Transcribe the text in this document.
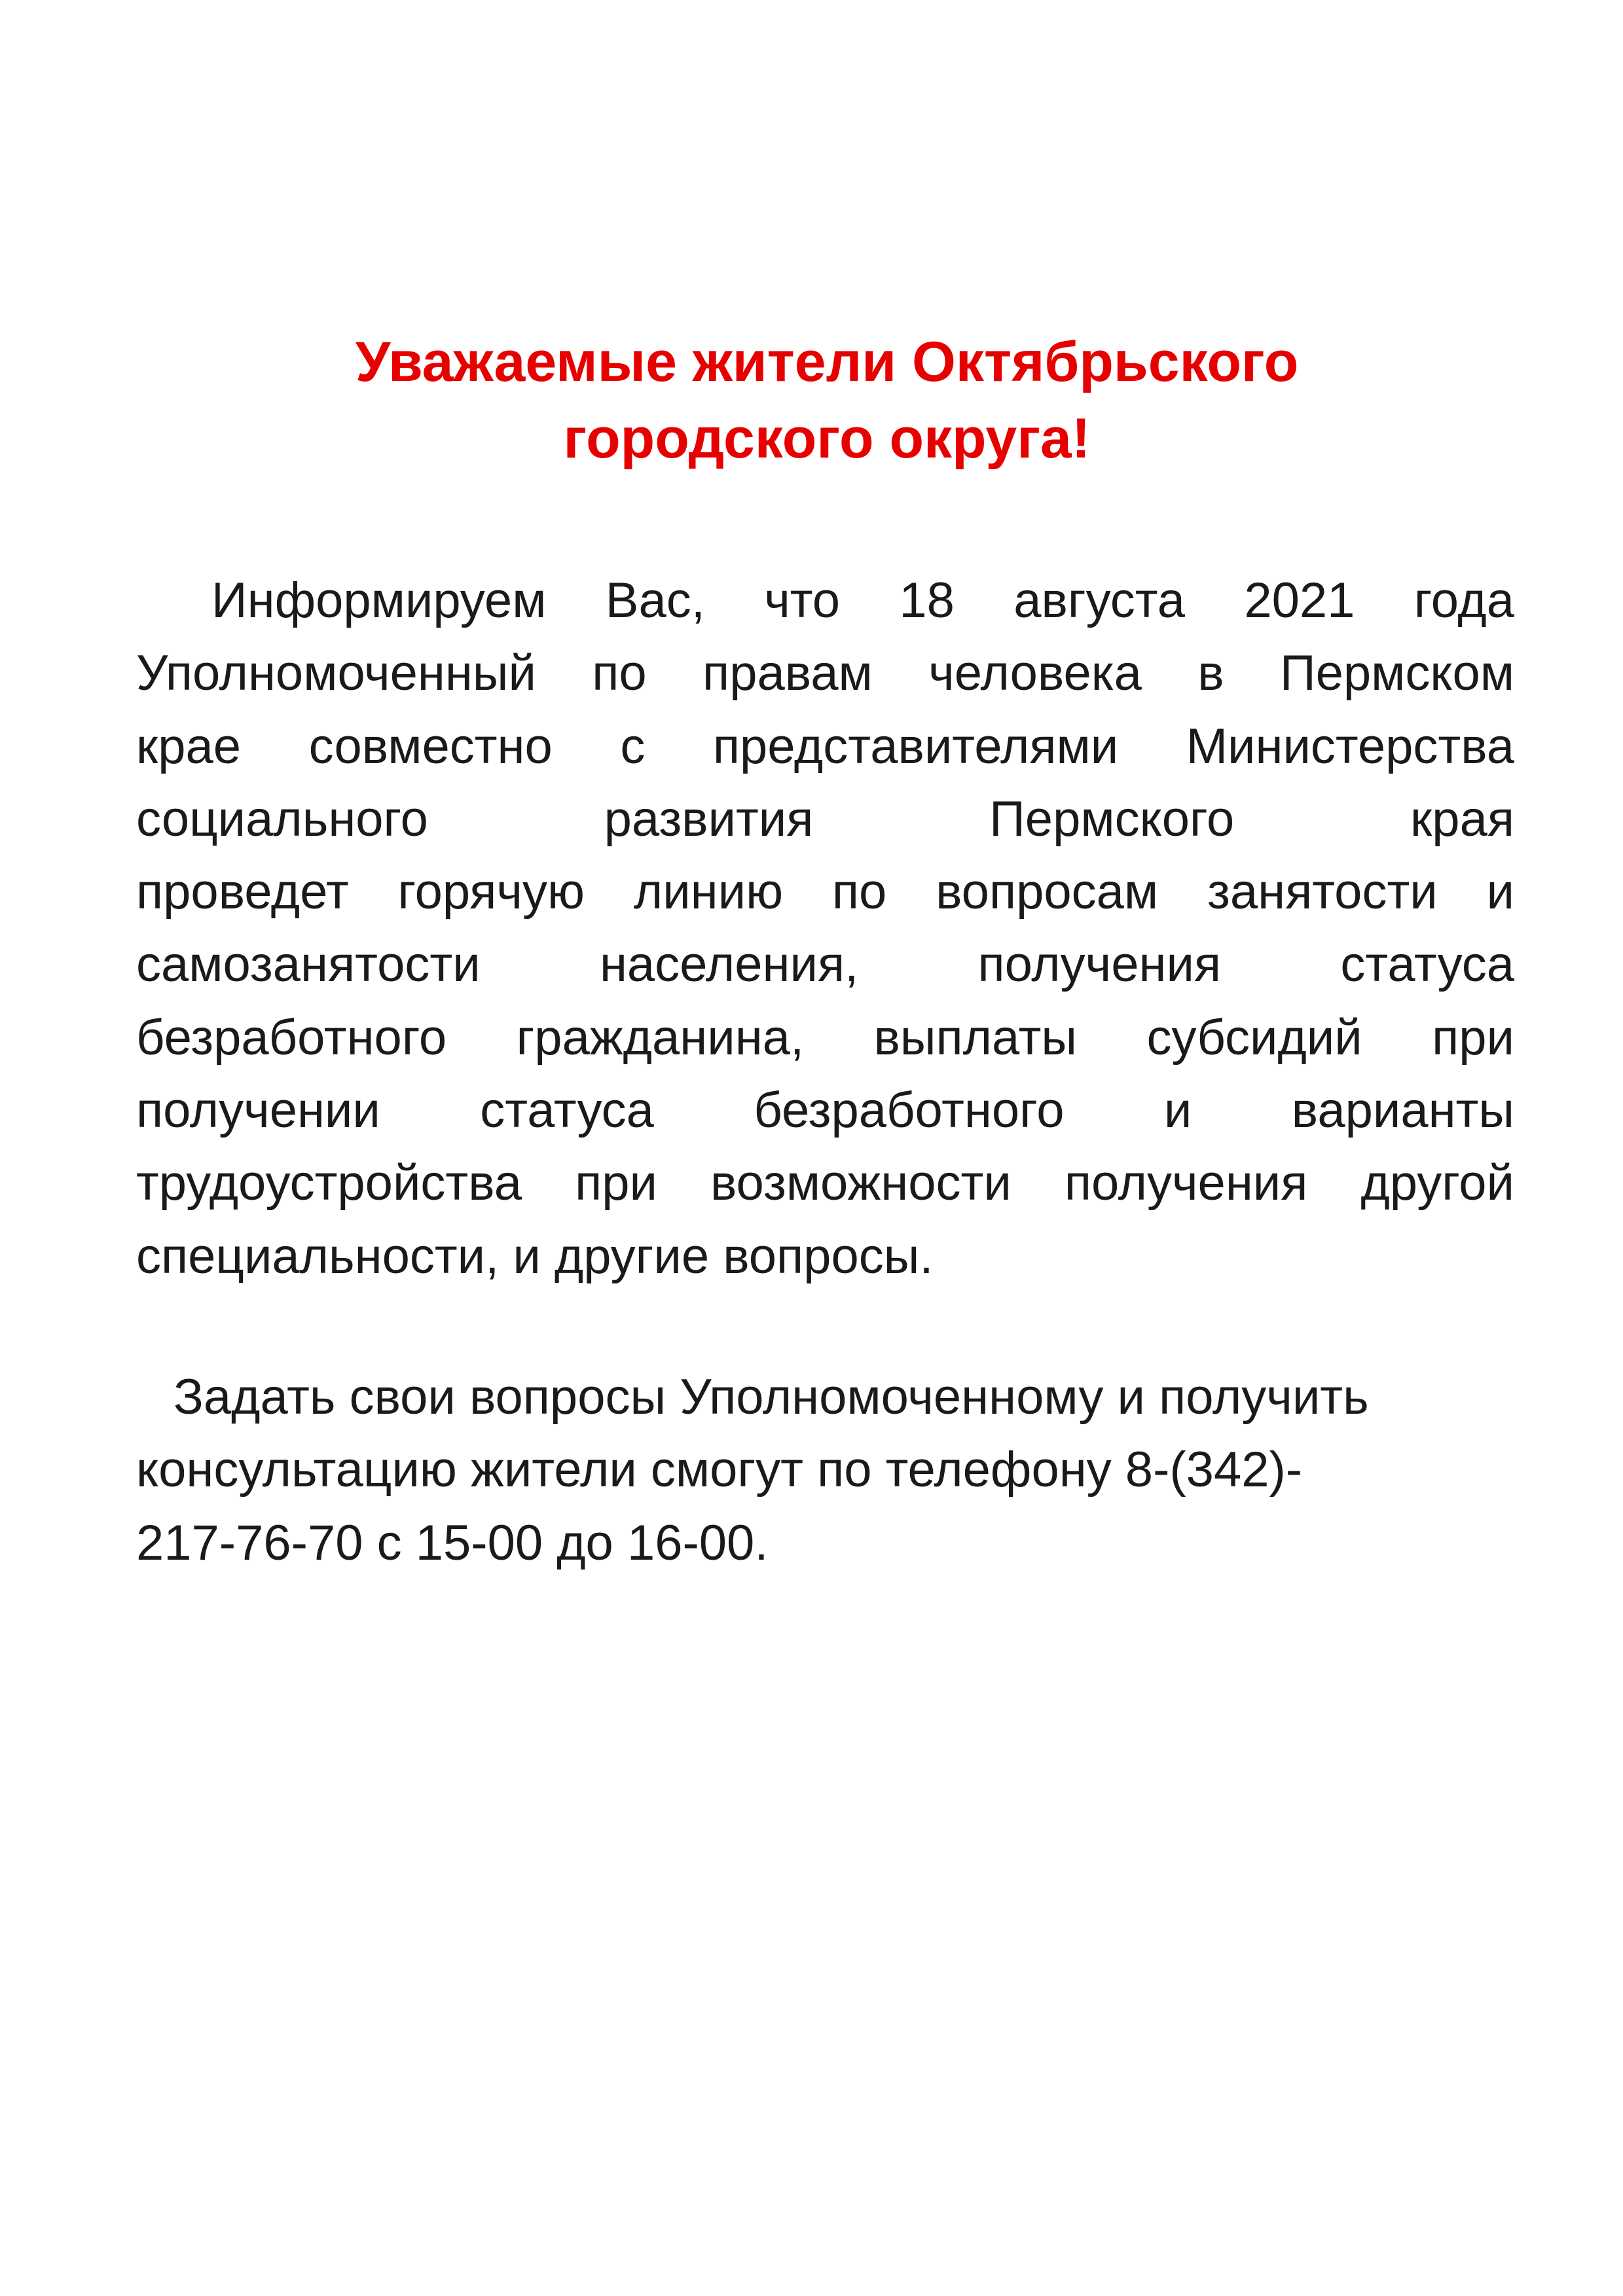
Уважаемые жители Октябрьского
городского округа!
Информируем Вас, что 18 августа 2021 года
Уполномоченный по правам человека в Пермском
крае совместно с представителями Министерства
социального развития Пермского края
проведет горячую линию по вопросам занятости и
самозанятости населения, получения статуса
безработного гражданина, выплаты субсидий при
получении статуса безработного и варианты
трудоустройства при возможности получения другой
специальности, и другие вопросы.
Задать свои вопросы Уполномоченному и получить
консультацию жители смогут по телефону 8-(342)-
217-76-70 с 15-00 до 16-00.
